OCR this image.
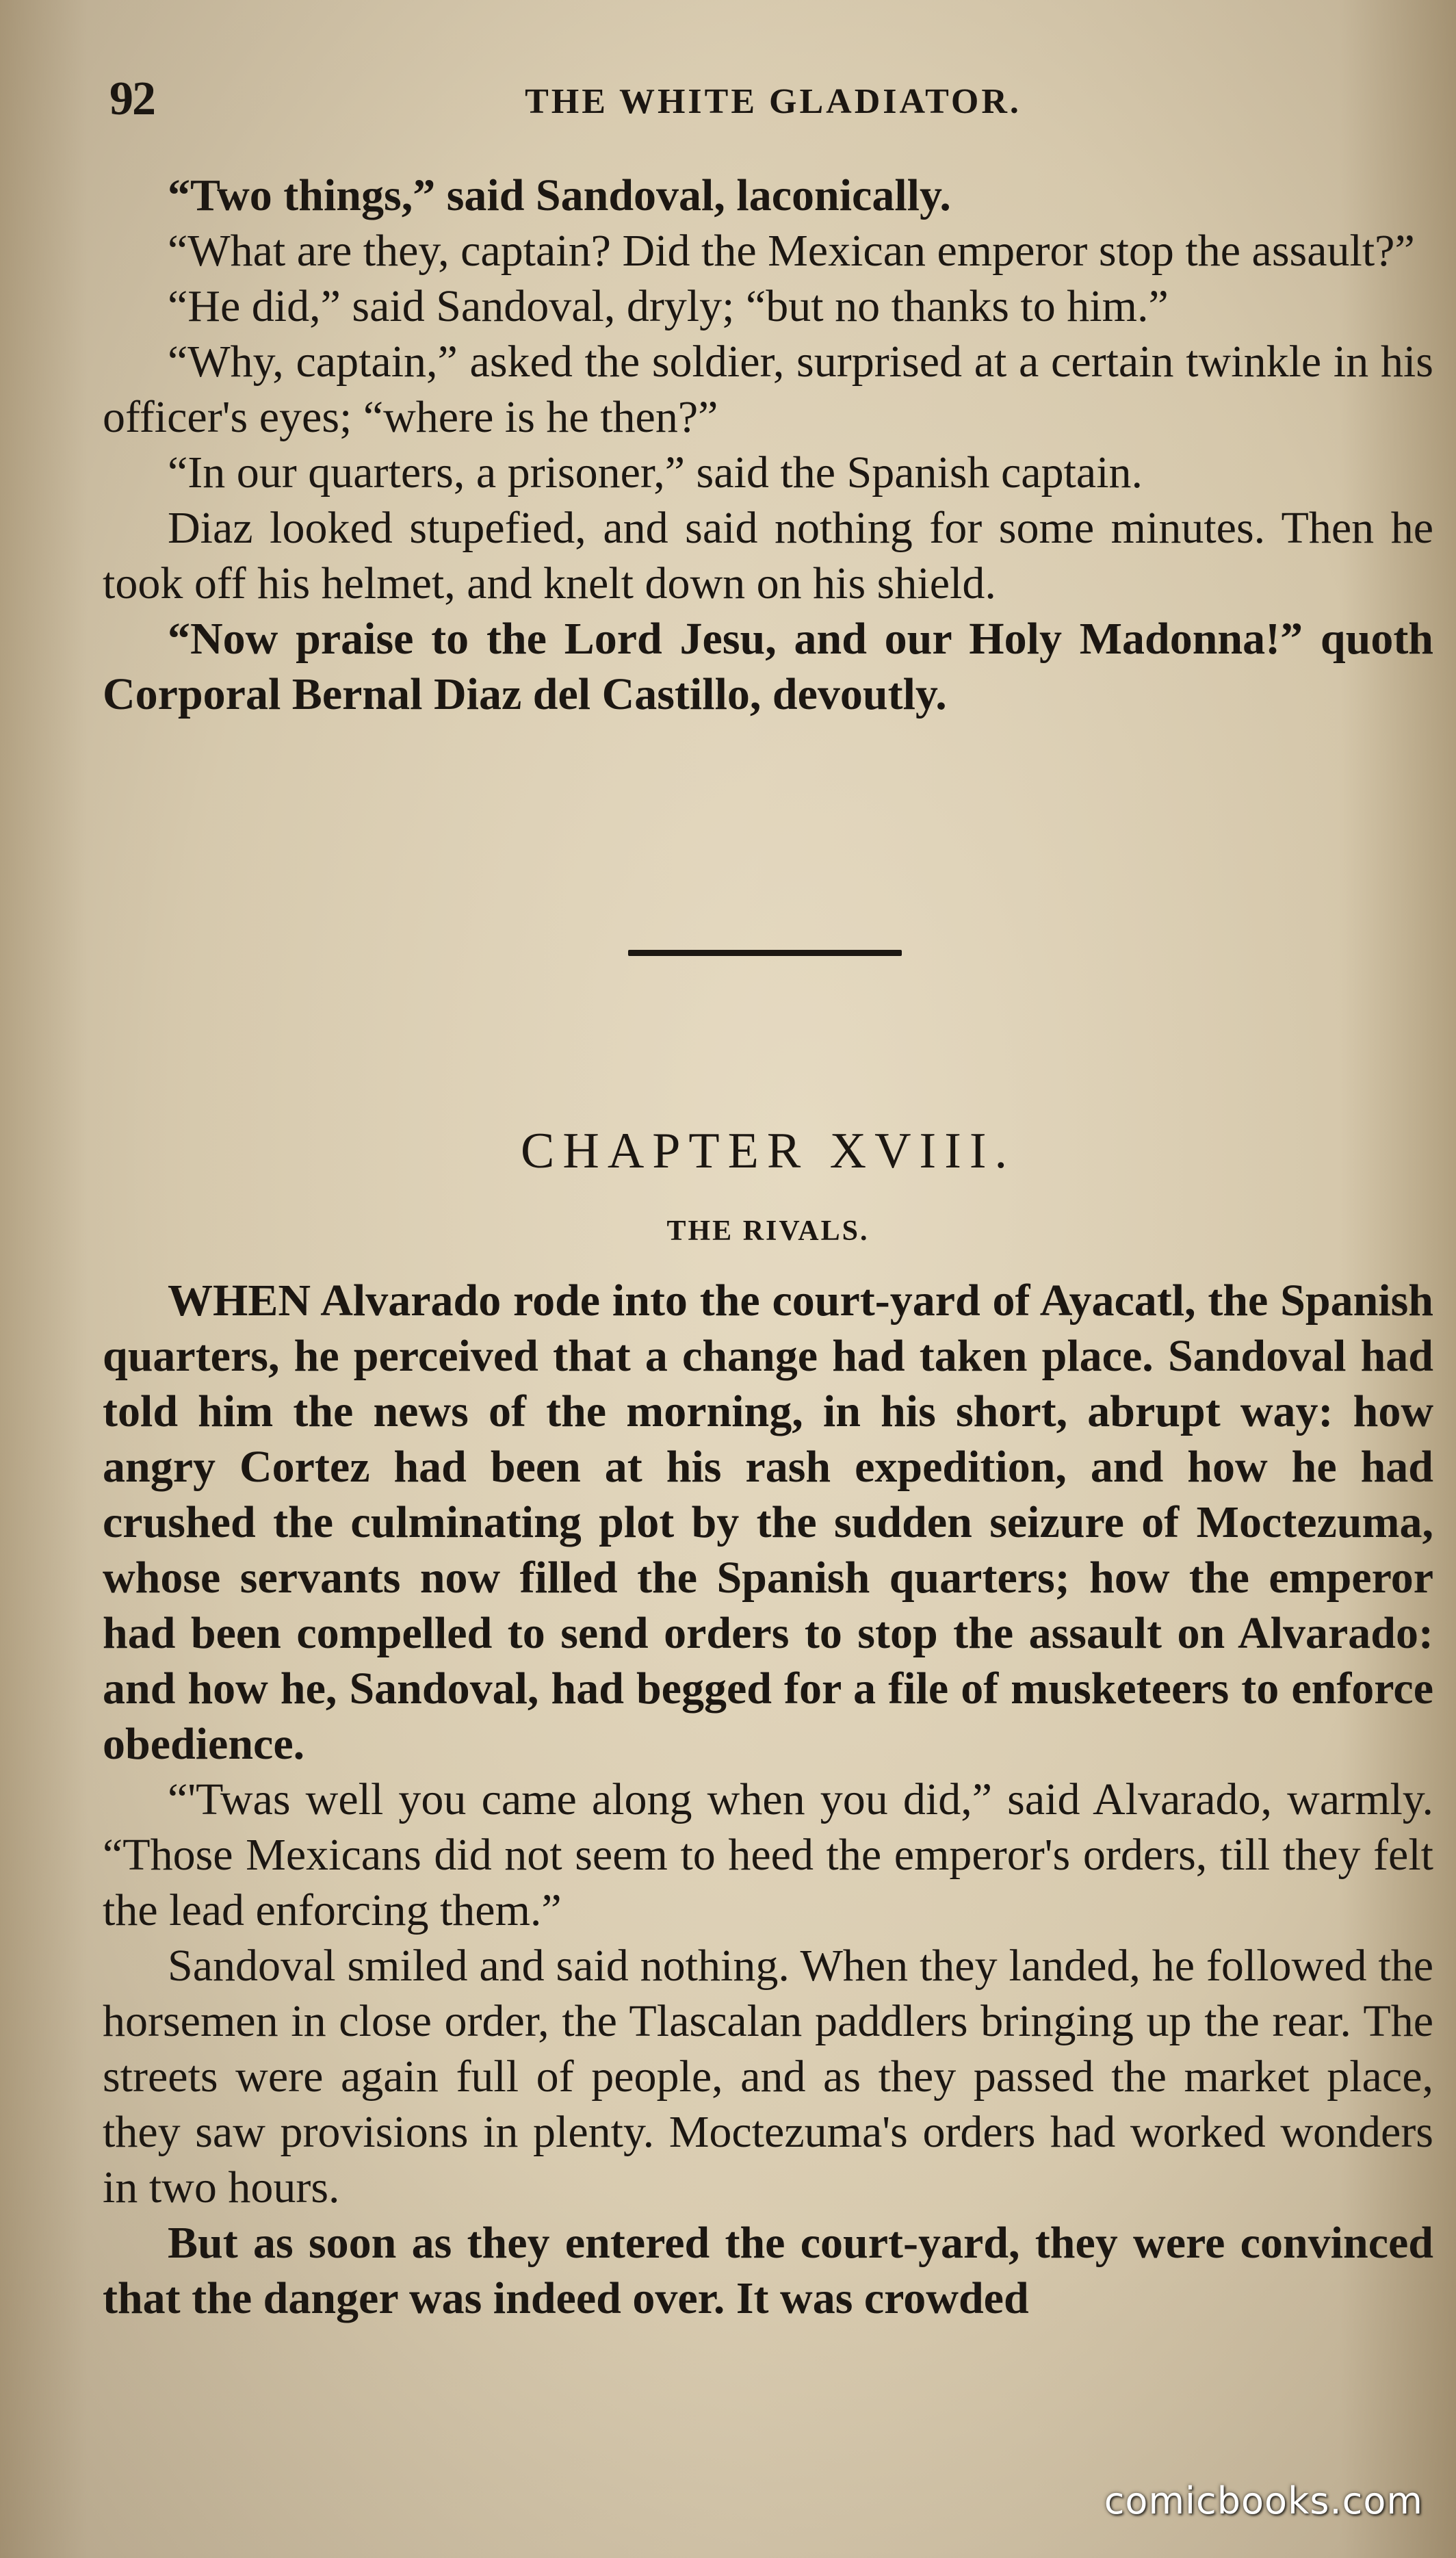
92	THE WHITE GLADIATOR.

“Two things,” said Sandoval, laconically.

“What are they, captain? Did the Mexican emperor stop the assault?”

“He did,” said Sandoval, dryly; “but no thanks to him.”

“Why, captain,” asked the soldier, surprised at a certain twinkle in his officer's eyes; “where is he then?”

“In our quarters, a prisoner,” said the Spanish captain.

Diaz looked stupefied, and said nothing for some minutes. Then he took off his helmet, and knelt down on his shield.

“Now praise to the Lord Jesu, and our Holy Madonna!” quoth Corporal Bernal Diaz del Castillo, devoutly.

CHAPTER XVIII.
THE RIVALS.

WHEN Alvarado rode into the court-yard of Ayacatl, the Spanish quarters, he perceived that a change had taken place. Sandoval had told him the news of the morning, in his short, abrupt way: how angry Cortez had been at his rash expedition, and how he had crushed the culminating plot by the sudden seizure of Moctezuma, whose servants now filled the Spanish quarters; how the emperor had been compelled to send orders to stop the assault on Alvarado: and how he, Sandoval, had begged for a file of musketeers to enforce obedience.

“'Twas well you came along when you did,” said Alvarado, warmly. “Those Mexicans did not seem to heed the emperor's orders, till they felt the lead enforcing them.”

Sandoval smiled and said nothing. When they landed, he followed the horsemen in close order, the Tlascalan paddlers bringing up the rear. The streets were again full of people, and as they passed the market place, they saw provisions in plenty. Moctezuma's orders had worked wonders in two hours.

But as soon as they entered the court-yard, they were convinced that the danger was indeed over. It was crowded

comicbooks.com
